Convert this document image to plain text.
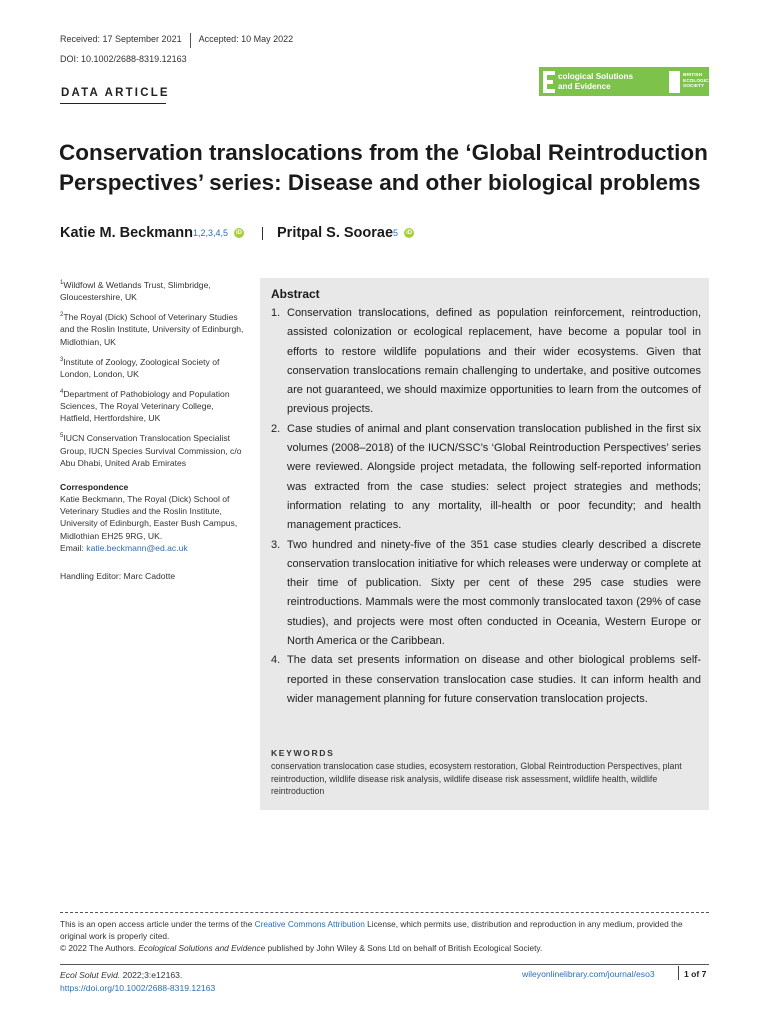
Received: 17 September 2021 Accepted: 10 May 2022
DOI: 10.1002/2688-8319.12163
DATA ARTICLE
cological Solutions
and Evidence
BRITISH ECOLOGICAL SOCIETY
Conservation translocations from the ‘Global Reintroduction Perspectives’ series: Disease and other biological problems
Katie M. Beckmann 1,2,3,4,5	iD Pritpal S. Soorae 5	iD
$^1$Wildfowl & Wetlands Trust, Slimbridge, Gloucestershire, UK
$^2$The Royal (Dick) School of Veterinary Studies and the Roslin Institute, University of Edinburgh, Midlothian, UK
$^3$Institute of Zoology, Zoological Society of London, London, UK
$^4$Department of Pathobiology and Population Sciences, The Royal Veterinary College, Hatfield, Hertfordshire, UK
$^5$IUCN Conservation Translocation Specialist Group, IUCN Species Survival Commission, c/o Abu Dhabi, United Arab Emirates
Correspondence
Katie Beckmann, The Royal (Dick) School of Veterinary Studies and the Roslin Institute, University of Edinburgh, Easter Bush Campus, Midlothian EH25 9RG, UK.
Email: katie.beckmann@ed.ac.uk
Handling Editor: Marc Cadotte
Abstract
1. Conservation translocations, defined as population reinforcement, reintroduction, assisted colonization or ecological replacement, have become a popular tool in efforts to restore wildlife populations and their wider ecosystems. Given that conservation translocations remain challenging to undertake, and positive outcomes are not guaranteed, we should maximize opportunities to learn from the outcomes of previous projects.
2. Case studies of animal and plant conservation translocation published in the first six volumes (2008–2018) of the IUCN/SSC’s ‘Global Reintroduction Perspectives’ series were reviewed. Alongside project metadata, the following self-reported information was extracted from the case studies: select project strategies and methods; information relating to any mortality, ill-health or poor fecundity; and health management practices.
3. Two hundred and ninety-five of the 351 case studies clearly described a discrete conservation translocation initiative for which releases were underway or complete at their time of publication. Sixty per cent of these 295 case studies were reintroductions. Mammals were the most commonly translocated taxon (29% of case studies), and projects were most often conducted in Oceania, Western Europe or North America or the Caribbean.
4. The data set presents information on disease and other biological problems self-reported in these conservation translocation case studies. It can inform health and wider management planning for future conservation translocation projects.
KEYWORDS
conservation translocation case studies, ecosystem restoration, Global Reintroduction Perspectives, plant reintroduction, wildlife disease risk analysis, wildlife disease risk assessment, wildlife health, wildlife reintroduction
This is an open access article under the terms of the Creative Commons Attribution License, which permits use, distribution and reproduction in any medium, provided the original work is properly cited.
© 2022 The Authors. Ecological Solutions and Evidence published by John Wiley & Sons Ltd on behalf of British Ecological Society.
Ecol Solut Evid. 2022;3:e12163.
https://doi.org/10.1002/2688-8319.12163
wileyonlinelibrary.com/journal/eso3	1 of 7
